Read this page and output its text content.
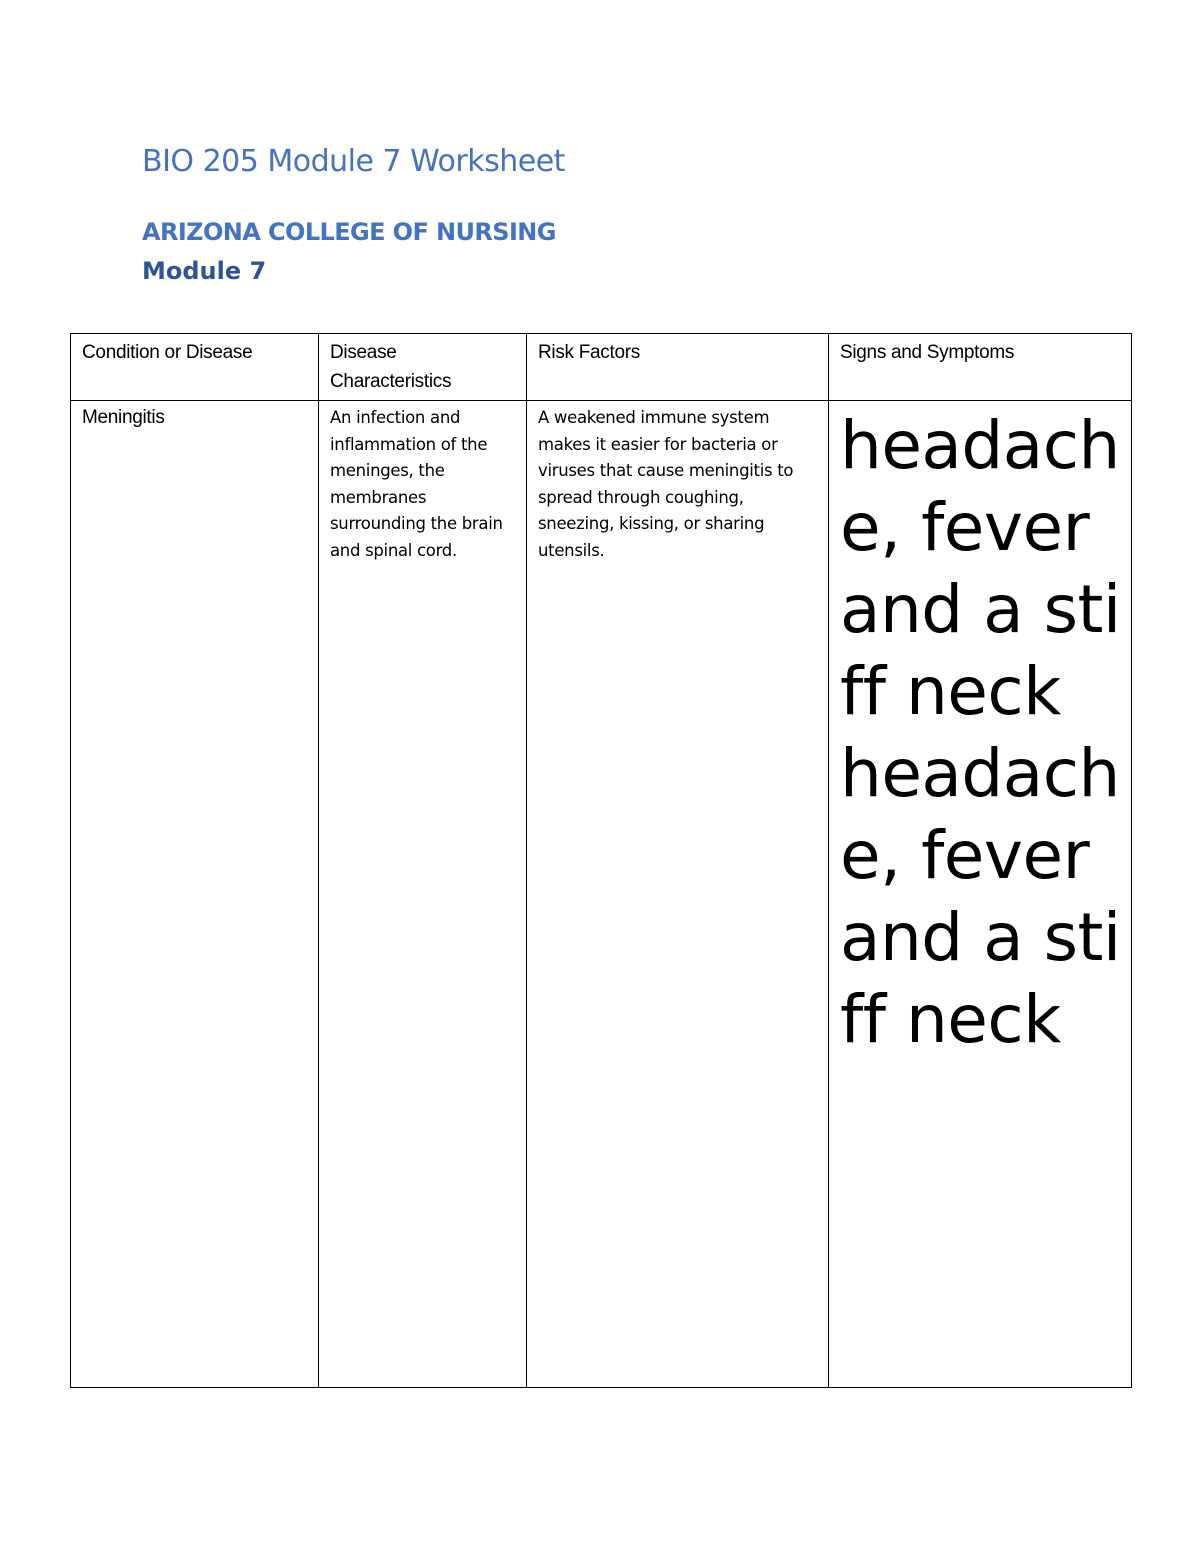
BIO 205 Module 7 Worksheet
ARIZONA COLLEGE OF NURSING
Module 7
Condition or Disease	Disease Characteristics	Risk Factors	Signs and Symptoms
Meningitis	An infection and inflammation of the meninges, the membranes surrounding the brain and spinal cord.	A weakened immune system makes it easier for bacteria or viruses that cause meningitis to spread through coughing, sneezing, kissing, or sharing utensils.	headache, fever and a stiff neck headache, fever and a stiff neck
